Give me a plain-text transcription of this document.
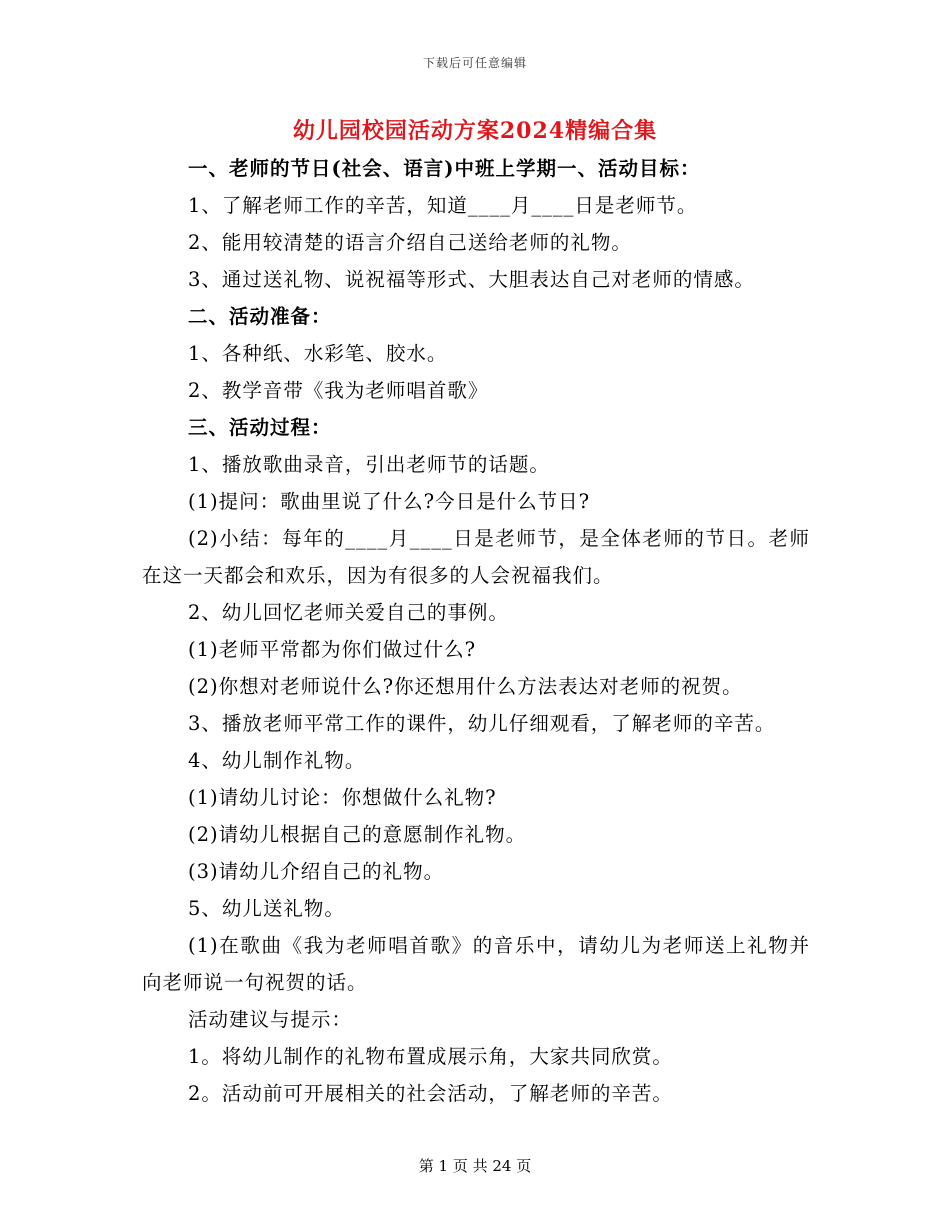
下载后可任意编辑
幼儿园校园活动方案2024精编合集

一、老师的节日(社会、语言)中班上学期一、活动目标：

1、了解老师工作的辛苦，知道____月____日是老师节。

2、能用较清楚的语言介绍自己送给老师的礼物。

3、通过送礼物、说祝福等形式、大胆表达自己对老师的情感。

二、活动准备：

1、各种纸、水彩笔、胶水。

2、教学音带《我为老师唱首歌》

三、活动过程：

1、播放歌曲录音，引出老师节的话题。

(1)提问：歌曲里说了什么?今日是什么节日?

(2)小结：每年的____月____日是老师节，是全体老师的节日。老师在这一天都会和欢乐，因为有很多的人会祝福我们。

2、幼儿回忆老师关爱自己的事例。

(1)老师平常都为你们做过什么?

(2)你想对老师说什么?你还想用什么方法表达对老师的祝贺。

3、播放老师平常工作的课件，幼儿仔细观看，了解老师的辛苦。

4、幼儿制作礼物。

(1)请幼儿讨论：你想做什么礼物?

(2)请幼儿根据自己的意愿制作礼物。

(3)请幼儿介绍自己的礼物。

5、幼儿送礼物。

(1)在歌曲《我为老师唱首歌》的音乐中，请幼儿为老师送上礼物并向老师说一句祝贺的话。

活动建议与提示：

1。将幼儿制作的礼物布置成展示角，大家共同欣赏。

2。活动前可开展相关的社会活动，了解老师的辛苦。

第 1 页 共 24 页
